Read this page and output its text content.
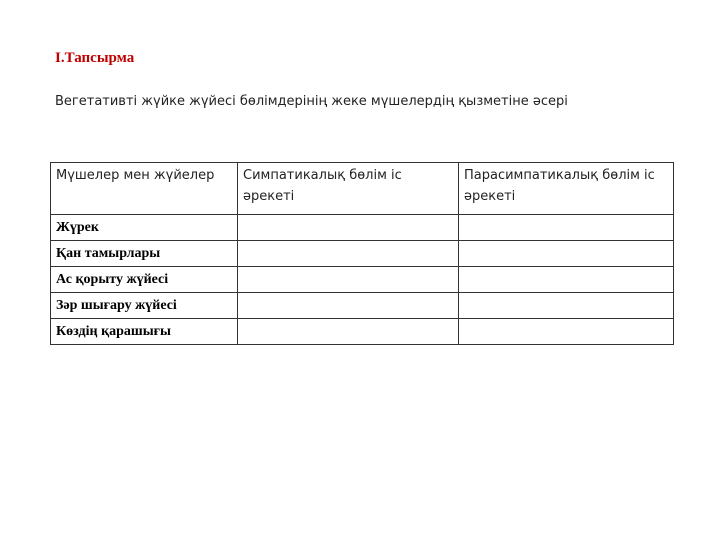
I.Тапсырма
Вегетативті жүйке жүйесі бөлімдерінің жеке мүшелердің қызметіне әсері
Мүшелер мен жүйелер	Симпатикалық бөлім іс әрекеті	Парасимпатикалық бөлім іс әрекеті
Жүрек		
Қан тамырлары		
Ас қорыту жүйесі		
Зәр шығару жүйесі		
Көздің қарашығы		
